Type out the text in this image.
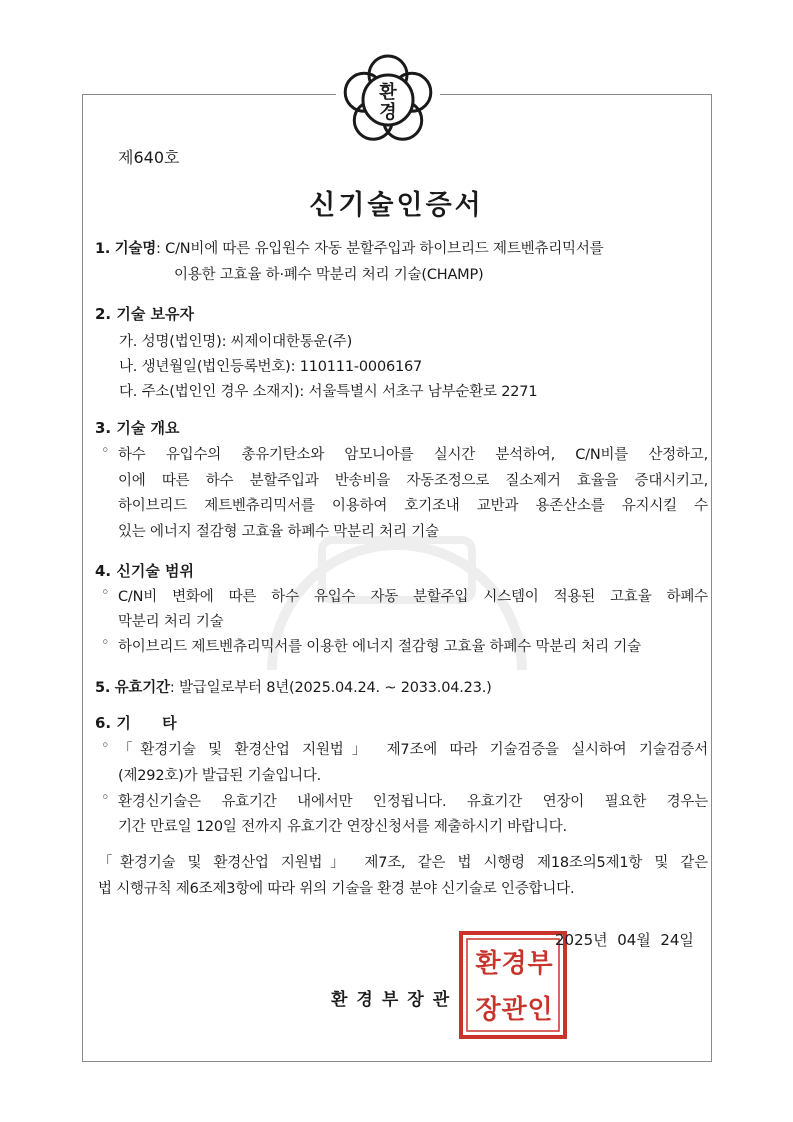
환
경
제640호
신기술인증서
1. 기술명: C/N비에 따른 유입원수 자동 분할주입과 하이브리드 제트벤츄리믹서를
이용한 고효율 하·폐수 막분리 처리 기술(CHAMP)
2. 기술 보유자
가. 성명(법인명): 씨제이대한통운(주)
나. 생년월일(법인등록번호): 110111-0006167
다. 주소(법인인 경우 소재지): 서울특별시 서초구 남부순환로 2271
3. 기술 개요
◦ 하수 유입수의 총유기탄소와 암모니아를 실시간 분석하여, C/N비를 산정하고,
이에 따른 하수 분할주입과 반송비을 자동조정으로 질소제거 효율을 증대시키고,
하이브리드 제트벤츄리믹서를 이용하여 호기조내 교반과 용존산소를 유지시킬 수
있는 에너지 절감형 고효율 하폐수 막분리 처리 기술
4. 신기술 범위
◦ C/N비 변화에 따른 하수 유입수 자동 분할주입 시스템이 적용된 고효율 하폐수
막분리 처리 기술
◦ 하이브리드 제트벤츄리믹서를 이용한 에너지 절감형 고효율 하폐수 막분리 처리 기술
5. 유효기간: 발급일로부터 8년(2025.04.24. ~ 2033.04.23.)
6. 기      타
◦ 「환경기술 및 환경산업 지원법」 제7조에 따라 기술검증을 실시하여 기술검증서
(제292호)가 발급된 기술입니다.
◦ 환경신기술은 유효기간 내에서만 인정됩니다. 유효기간 연장이 필요한 경우는
기간 만료일 120일 전까지 유효기간 연장신청서를 제출하시기 바랍니다.
「환경기술 및 환경산업 지원법」 제7조, 같은 법 시행령 제18조의5제1항 및 같은
법 시행규칙 제6조제3항에 따라 위의 기술을 환경 분야 신기술로 인증합니다.
환 경 부
장 관 인
2025년  04월  24일
환경부장관
